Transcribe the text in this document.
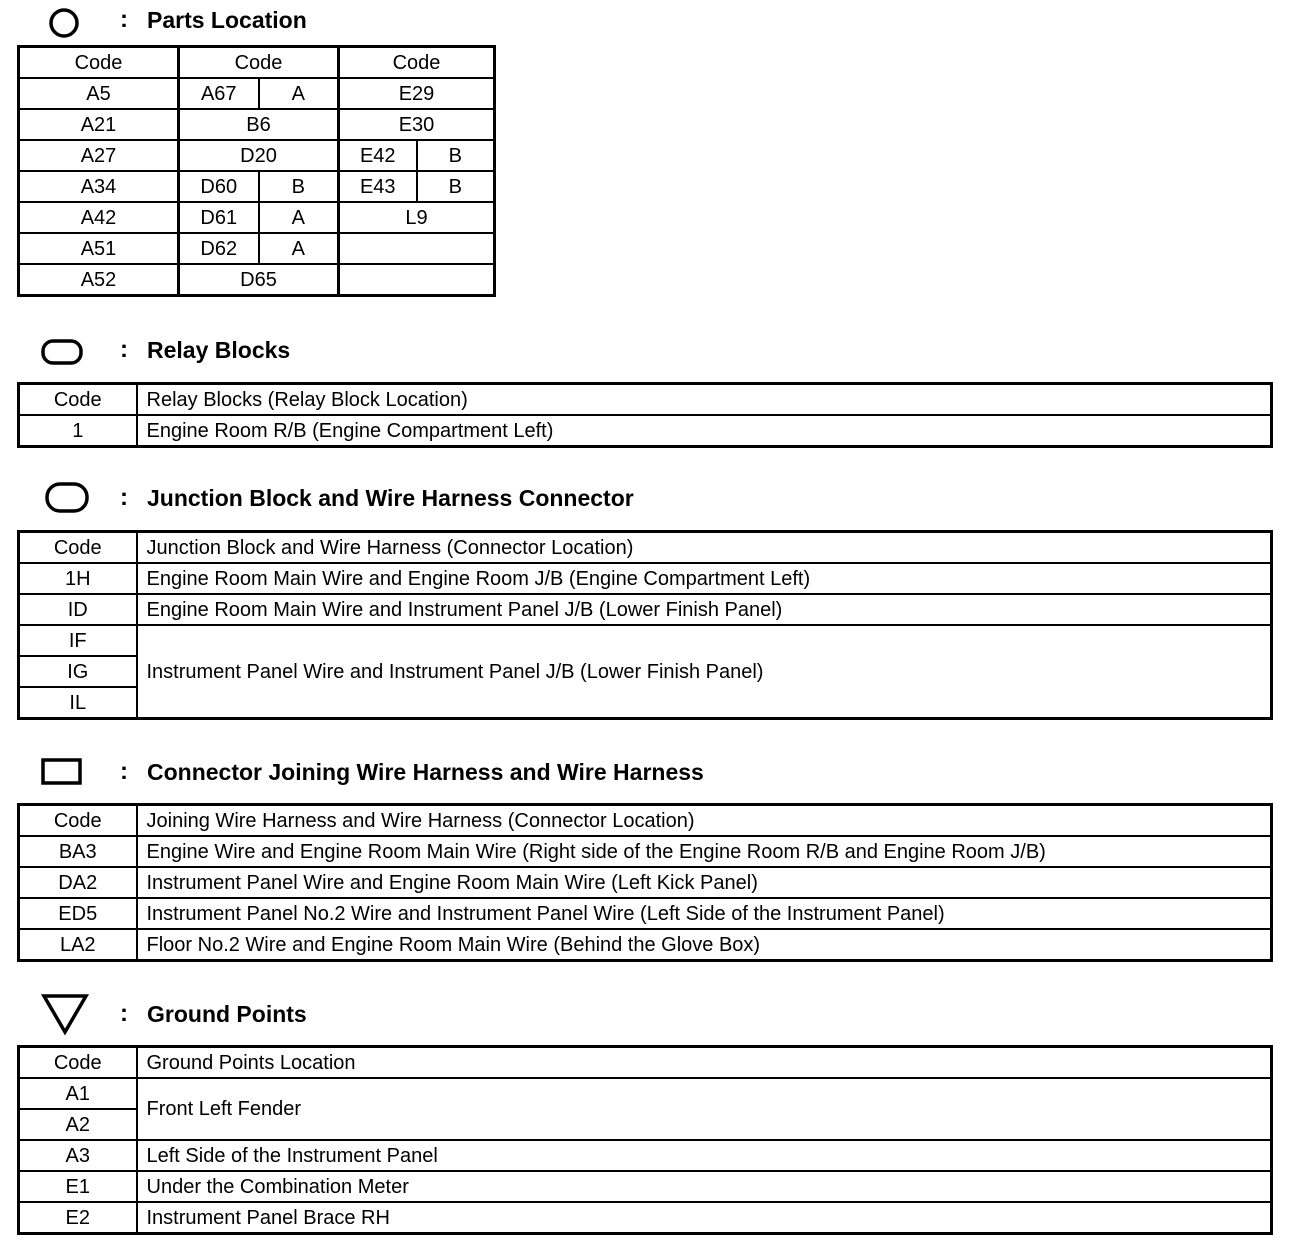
: Parts Location
Code	Code		Code	
A5	A67	A	E29	
A21	B6		E30	
A27	D20		E42	B
A34	D60	B	E43	B
A42	D61	A	L9	
A51	D62	A		
A52	D65			
: Relay Blocks
Code	Relay Blocks (Relay Block Location)
1	Engine Room R/B (Engine Compartment Left)
: Junction Block and Wire Harness Connector
Code	Junction Block and Wire Harness (Connector Location)
1H	Engine Room Main Wire and Engine Room J/B (Engine Compartment Left)
ID	Engine Room Main Wire and Instrument Panel J/B (Lower Finish Panel)
IF	Instrument Panel Wire and Instrument Panel J/B (Lower Finish Panel)
IG	
IL	
: Connector Joining Wire Harness and Wire Harness
Code	Joining Wire Harness and Wire Harness (Connector Location)
BA3	Engine Wire and Engine Room Main Wire (Right side of the Engine Room R/B and Engine Room J/B)
DA2	Instrument Panel Wire and Engine Room Main Wire (Left Kick Panel)
ED5	Instrument Panel No.2 Wire and Instrument Panel Wire (Left Side of the Instrument Panel)
LA2	Floor No.2 Wire and Engine Room Main Wire (Behind the Glove Box)
: Ground Points
Code	Ground Points Location
A1	Front Left Fender
A2	
A3	Left Side of the Instrument Panel
E1	Under the Combination Meter
E2	Instrument Panel Brace RH
